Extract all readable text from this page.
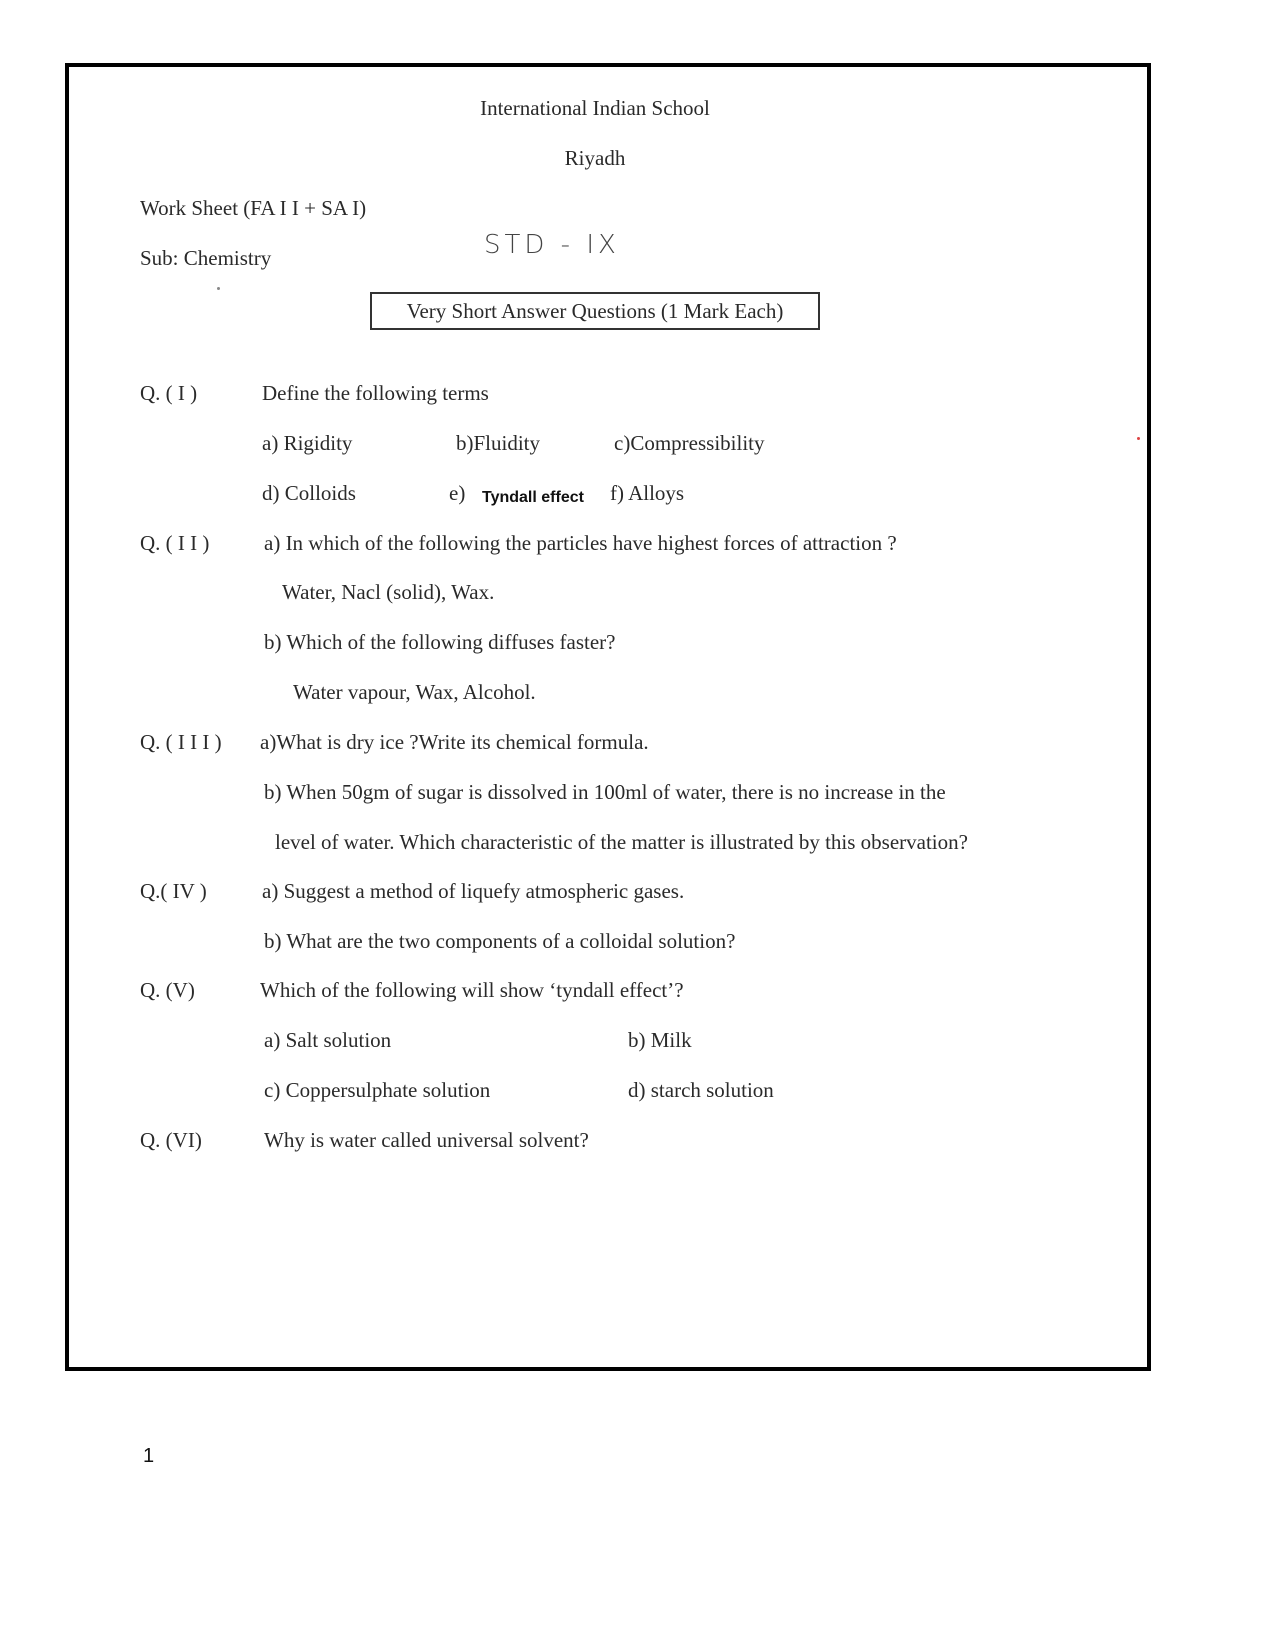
International Indian School
Riyadh
Work Sheet (FA I I + SA I)
Sub: Chemistry	STD - IX
Very Short Answer Questions (1 Mark Each)
Q. ( I )	Define the following terms
a) Rigidity	b)Fluidity	c)Compressibility
d) Colloids	e) Tyndall effect f) Alloys
Q. ( I I )	a) In which of the following the particles have highest forces of attraction ?
Water, Nacl (solid), Wax.
b) Which of the following diffuses faster?
Water vapour, Wax, Alcohol.
Q. ( I I I ) a)What is dry ice ?Write its chemical formula.
b) When 50gm of sugar is dissolved in 100ml of water, there is no increase in the
level of water. Which characteristic of the matter is illustrated by this observation?
Q.( IV )	a) Suggest a method of liquefy atmospheric gases.
b) What are the two components of a colloidal solution?
Q. (V)	Which of the following will show ‘tyndall effect’?
a) Salt solution	b) Milk
c) Coppersulphate solution	d) starch solution
Q. (VI)	Why is water called universal solvent?
1
